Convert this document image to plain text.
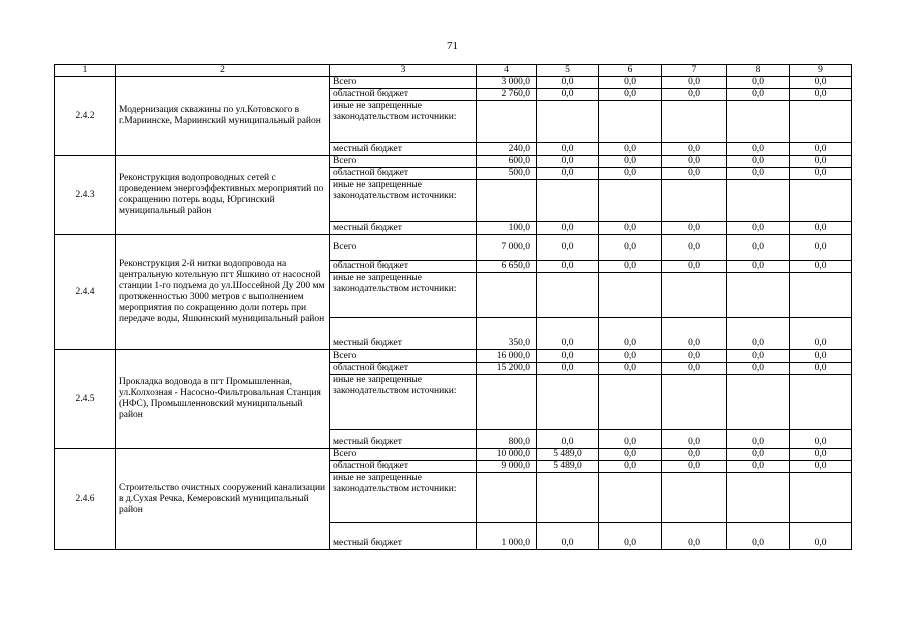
71
1	2	3	4	5	6	7	8	9
2.4.2	Модернизация скважины по ул.Котовского в г.Мариинске, Мариинский муниципальный район	Всего	3 000,0	0,0	0,0	0,0	0,0	0,0
		областной бюджет	2 760,0	0,0	0,0	0,0	0,0	0,0
		иные не запрещенные законодательством источники:						
		местный бюджет	240,0	0,0	0,0	0,0	0,0	0,0
2.4.3	Реконструкция водопроводных сетей с проведением энергоэффективных мероприятий по сокращению потерь воды, Юргинский муниципальный район	Всего	600,0	0,0	0,0	0,0	0,0	0,0
		областной бюджет	500,0	0,0	0,0	0,0	0,0	0,0
		иные не запрещенные законодательством источники:						
		местный бюджет	100,0	0,0	0,0	0,0	0,0	0,0
2.4.4	Реконструкция 2-й нитки водопровода на центральную котельную пгт Яшкино от насосной станции 1-го подъема до ул.Шоссейной Ду 200 мм протяженностью 3000 метров с выполнением мероприятия по сокращению доли потерь при передаче воды, Яшкинский муниципальный район	Всего	7 000,0	0,0	0,0	0,0	0,0	0,0
		областной бюджет	6 650,0	0,0	0,0	0,0	0,0	0,0
		иные не запрещенные законодательством источники:						
		местный бюджет	350,0	0,0	0,0	0,0	0,0	0,0
2.4.5	Прокладка водовода в пгт Промышленная, ул.Колхозная - Насосно-Фильтровальная Станция (НФС), Промышленновский муниципальный район	Всего	16 000,0	0,0	0,0	0,0	0,0	0,0
		областной бюджет	15 200,0	0,0	0,0	0,0	0,0	0,0
		иные не запрещенные законодательством источники:						
		местный бюджет	800,0	0,0	0,0	0,0	0,0	0,0
2.4.6	Строительство очистных сооружений канализации в д.Сухая Речка, Кемеровский муниципальный район	Всего	10 000,0	5 489,0	0,0	0,0	0,0	0,0
		областной бюджет	9 000,0	5 489,0	0,0	0,0	0,0	0,0
		иные не запрещенные законодательством источники:						
		местный бюджет	1 000,0	0,0	0,0	0,0	0,0	0,0
